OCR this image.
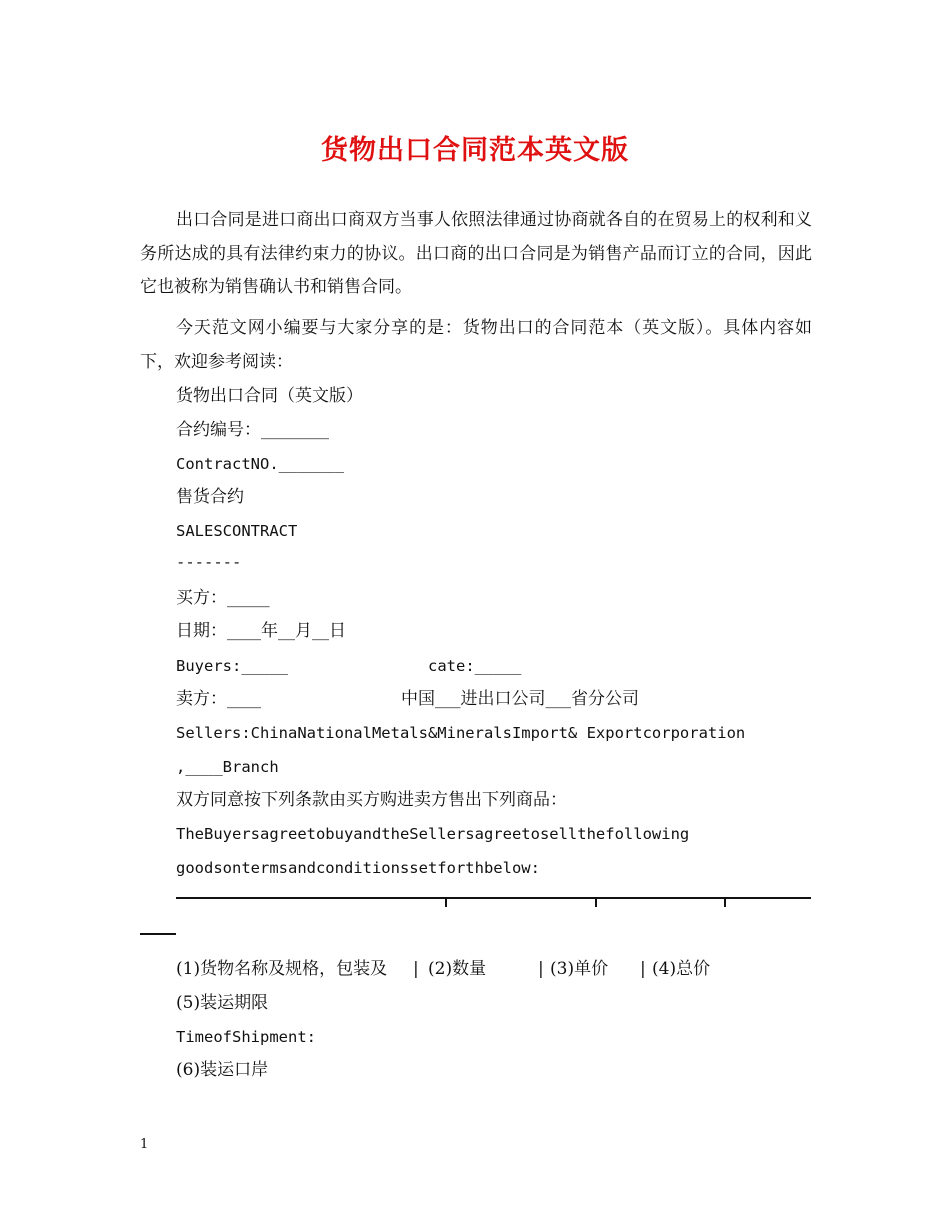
货物出口合同范本英文版

出口合同是进口商出口商双方当事人依照法律通过协商就各自的在贸易上的权利和义务所达成的具有法律约束力的协议。出口商的出口合同是为销售产品而订立的合同，因此它也被称为销售确认书和销售合同。

今天范文网小编要与大家分享的是：货物出口的合同范本（英文版）。具体内容如下，欢迎参考阅读：

货物出口合同（英文版）
合约编号：________
ContractNO._______
售货合约
SALESCONTRACT
-------
买方：_____
日期：____年__月__日
Buyers:_____	cate:_____
卖方：____	中国___进出口公司___省分公司
Sellers:ChinaNationalMetals&MineralsImport& Exportcorporation
,____Branch
双方同意按下列条款由买方购进卖方售出下列商品：
TheBuyersagreetobuyandtheSellersagreetosellthefollowing
goodsontermsandconditionssetforthbelow:
(1)货物名称及规格，包装及 | (2)数量	| (3)单价 | (4)总价
(5)装运期限
TimeofShipment:
(6)装运口岸
1
